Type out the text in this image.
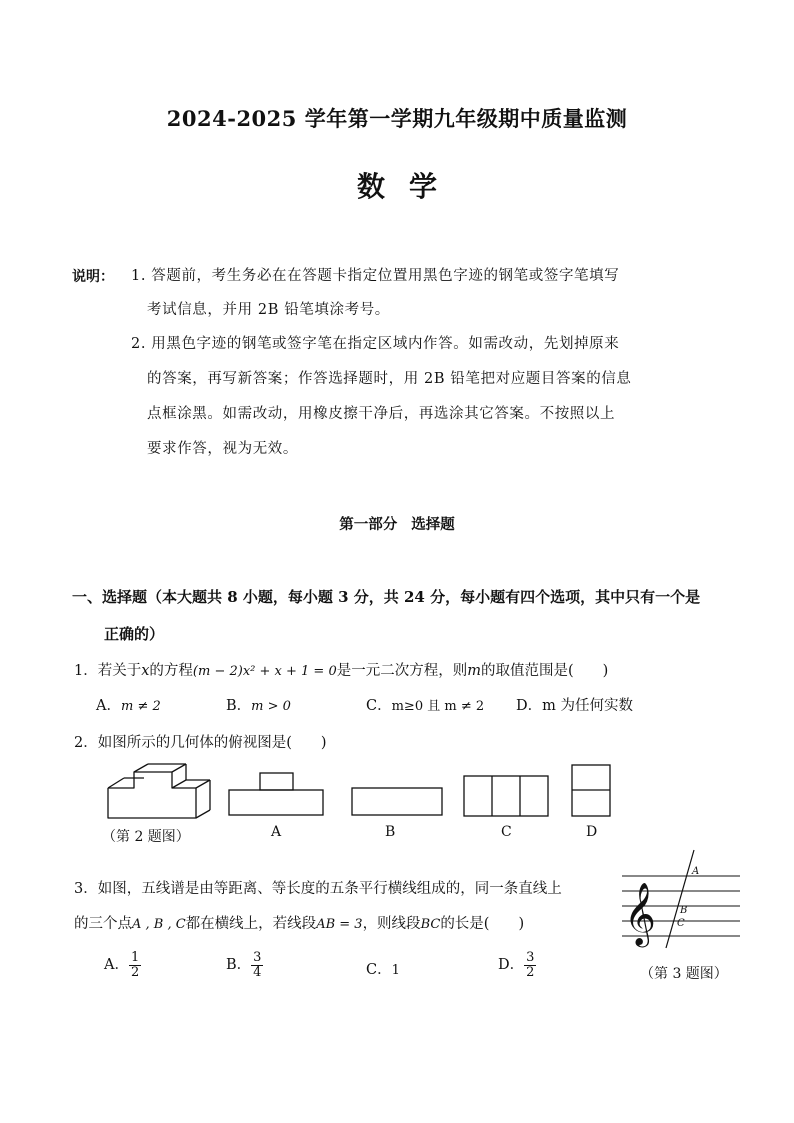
2024-2025 学年第一学期九年级期中质量监测
数学
说明： 1. 答题前，考生务必在在答题卡指定位置用黑色字迹的钢笔或签字笔填写
考试信息，并用 2B 铅笔填涂考号。
2. 用黑色字迹的钢笔或签字笔在指定区域内作答。如需改动，先划掉原来
的答案，再写新答案；作答选择题时，用 2B 铅笔把对应题目答案的信息
点框涂黑。如需改动，用橡皮擦干净后，再选涂其它答案。不按照以上
要求作答，视为无效。
第一部分 选择题
一、选择题（本大题共 8 小题，每小题 3 分，共 24 分，每小题有四个选项，其中只有一个是
正确的）
1．若关于x的方程(m − 2)x² + x + 1 = 0是一元二次方程，则m的取值范围是(　　)
A．m ≠ 2	B．m > 0	C．m≥0 且 m ≠ 2 D．m 为任何实数
2．如图所示的几何体的俯视图是(　　)
（第 2 题图）	A	B	C	D
3．如图，五线谱是由等距离、等长度的五条平行横线组成的，同一条直线上
的三个点A , B , C都在横线上，若线段AB = 3，则线段BC的长是(　　)
A． $\frac{1}{2}$	B． $\frac{3}{4}$	C．1	D． $\frac{3}{2}$
𝄞
A
B
C
（第 3 题图）
